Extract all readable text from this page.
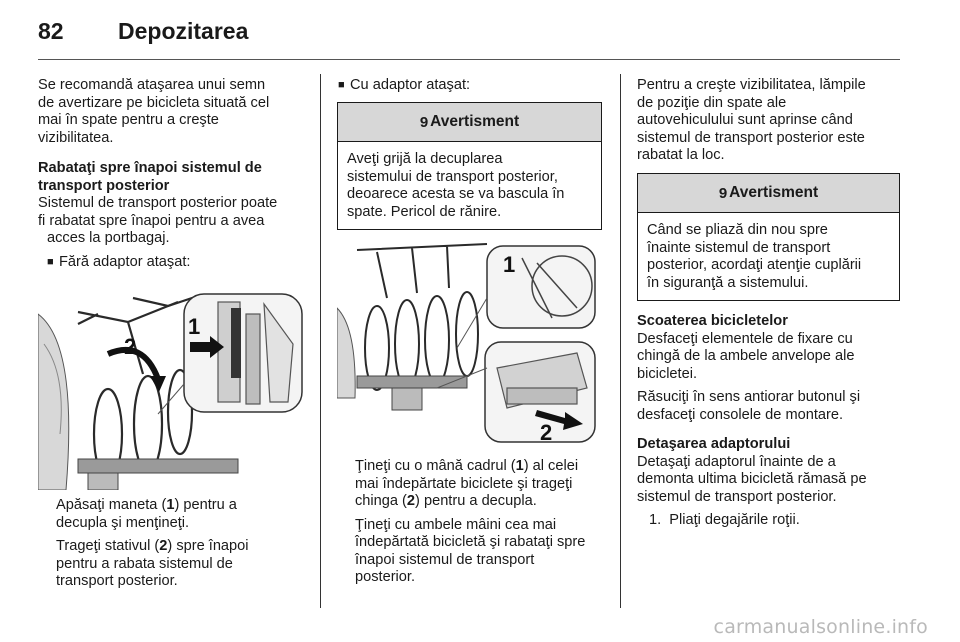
82 Depozitarea

Se recomandă ataşarea unui semn

de avertizare pe bicicleta situată cel

mai în spate pentru a creşte

vizibilitatea.

Rabataţi spre înapoi sistemul de

transport posterior

Sistemul de transport posterior poate

fi rabatat spre înapoi pentru a avea

acces la portbagaj.

■ Fără adaptor ataşat:

2
1

Apăsaţi maneta (1) pentru a

decupla şi menţineţi.

Trageţi stativul (2) spre înapoi

pentru a rabata sistemul de

transport posterior.

■ Cu adaptor ataşat:

9 Avertisment
Aveţi grijă la decuplarea
sistemului de transport posterior,
deoarece acesta se va bascula în
spate. Pericol de rănire.
1
2

Ţineţi cu o mână cadrul (1) al celei

mai îndepărtate biciclete şi trageţi

chinga (2) pentru a decupla.

Ţineţi cu ambele mâini cea mai

îndepărtată bicicletă şi rabataţi spre

înapoi sistemul de transport

posterior.

Pentru a creşte vizibilitatea, lămpile

de poziţie din spate ale

autovehiculului sunt aprinse când

sistemul de transport posterior este

rabatat la loc.

9 Avertisment
Când se pliază din nou spre
înainte sistemul de transport
posterior, acordaţi atenţie cuplării
în siguranţă a sistemului.

Scoaterea bicicletelor

Desfaceţi elementele de fixare cu

chingă de la ambele anvelope ale

bicicletei.

Răsuciţi în sens antiorar butonul şi

desfaceţi consolele de montare.

Detaşarea adaptorului

Detaşaţi adaptorul înainte de a

demonta ultima bicicletă rămasă pe

sistemul de transport posterior.

1. Pliaţi degajările roţii.

carmanualsonline.info
